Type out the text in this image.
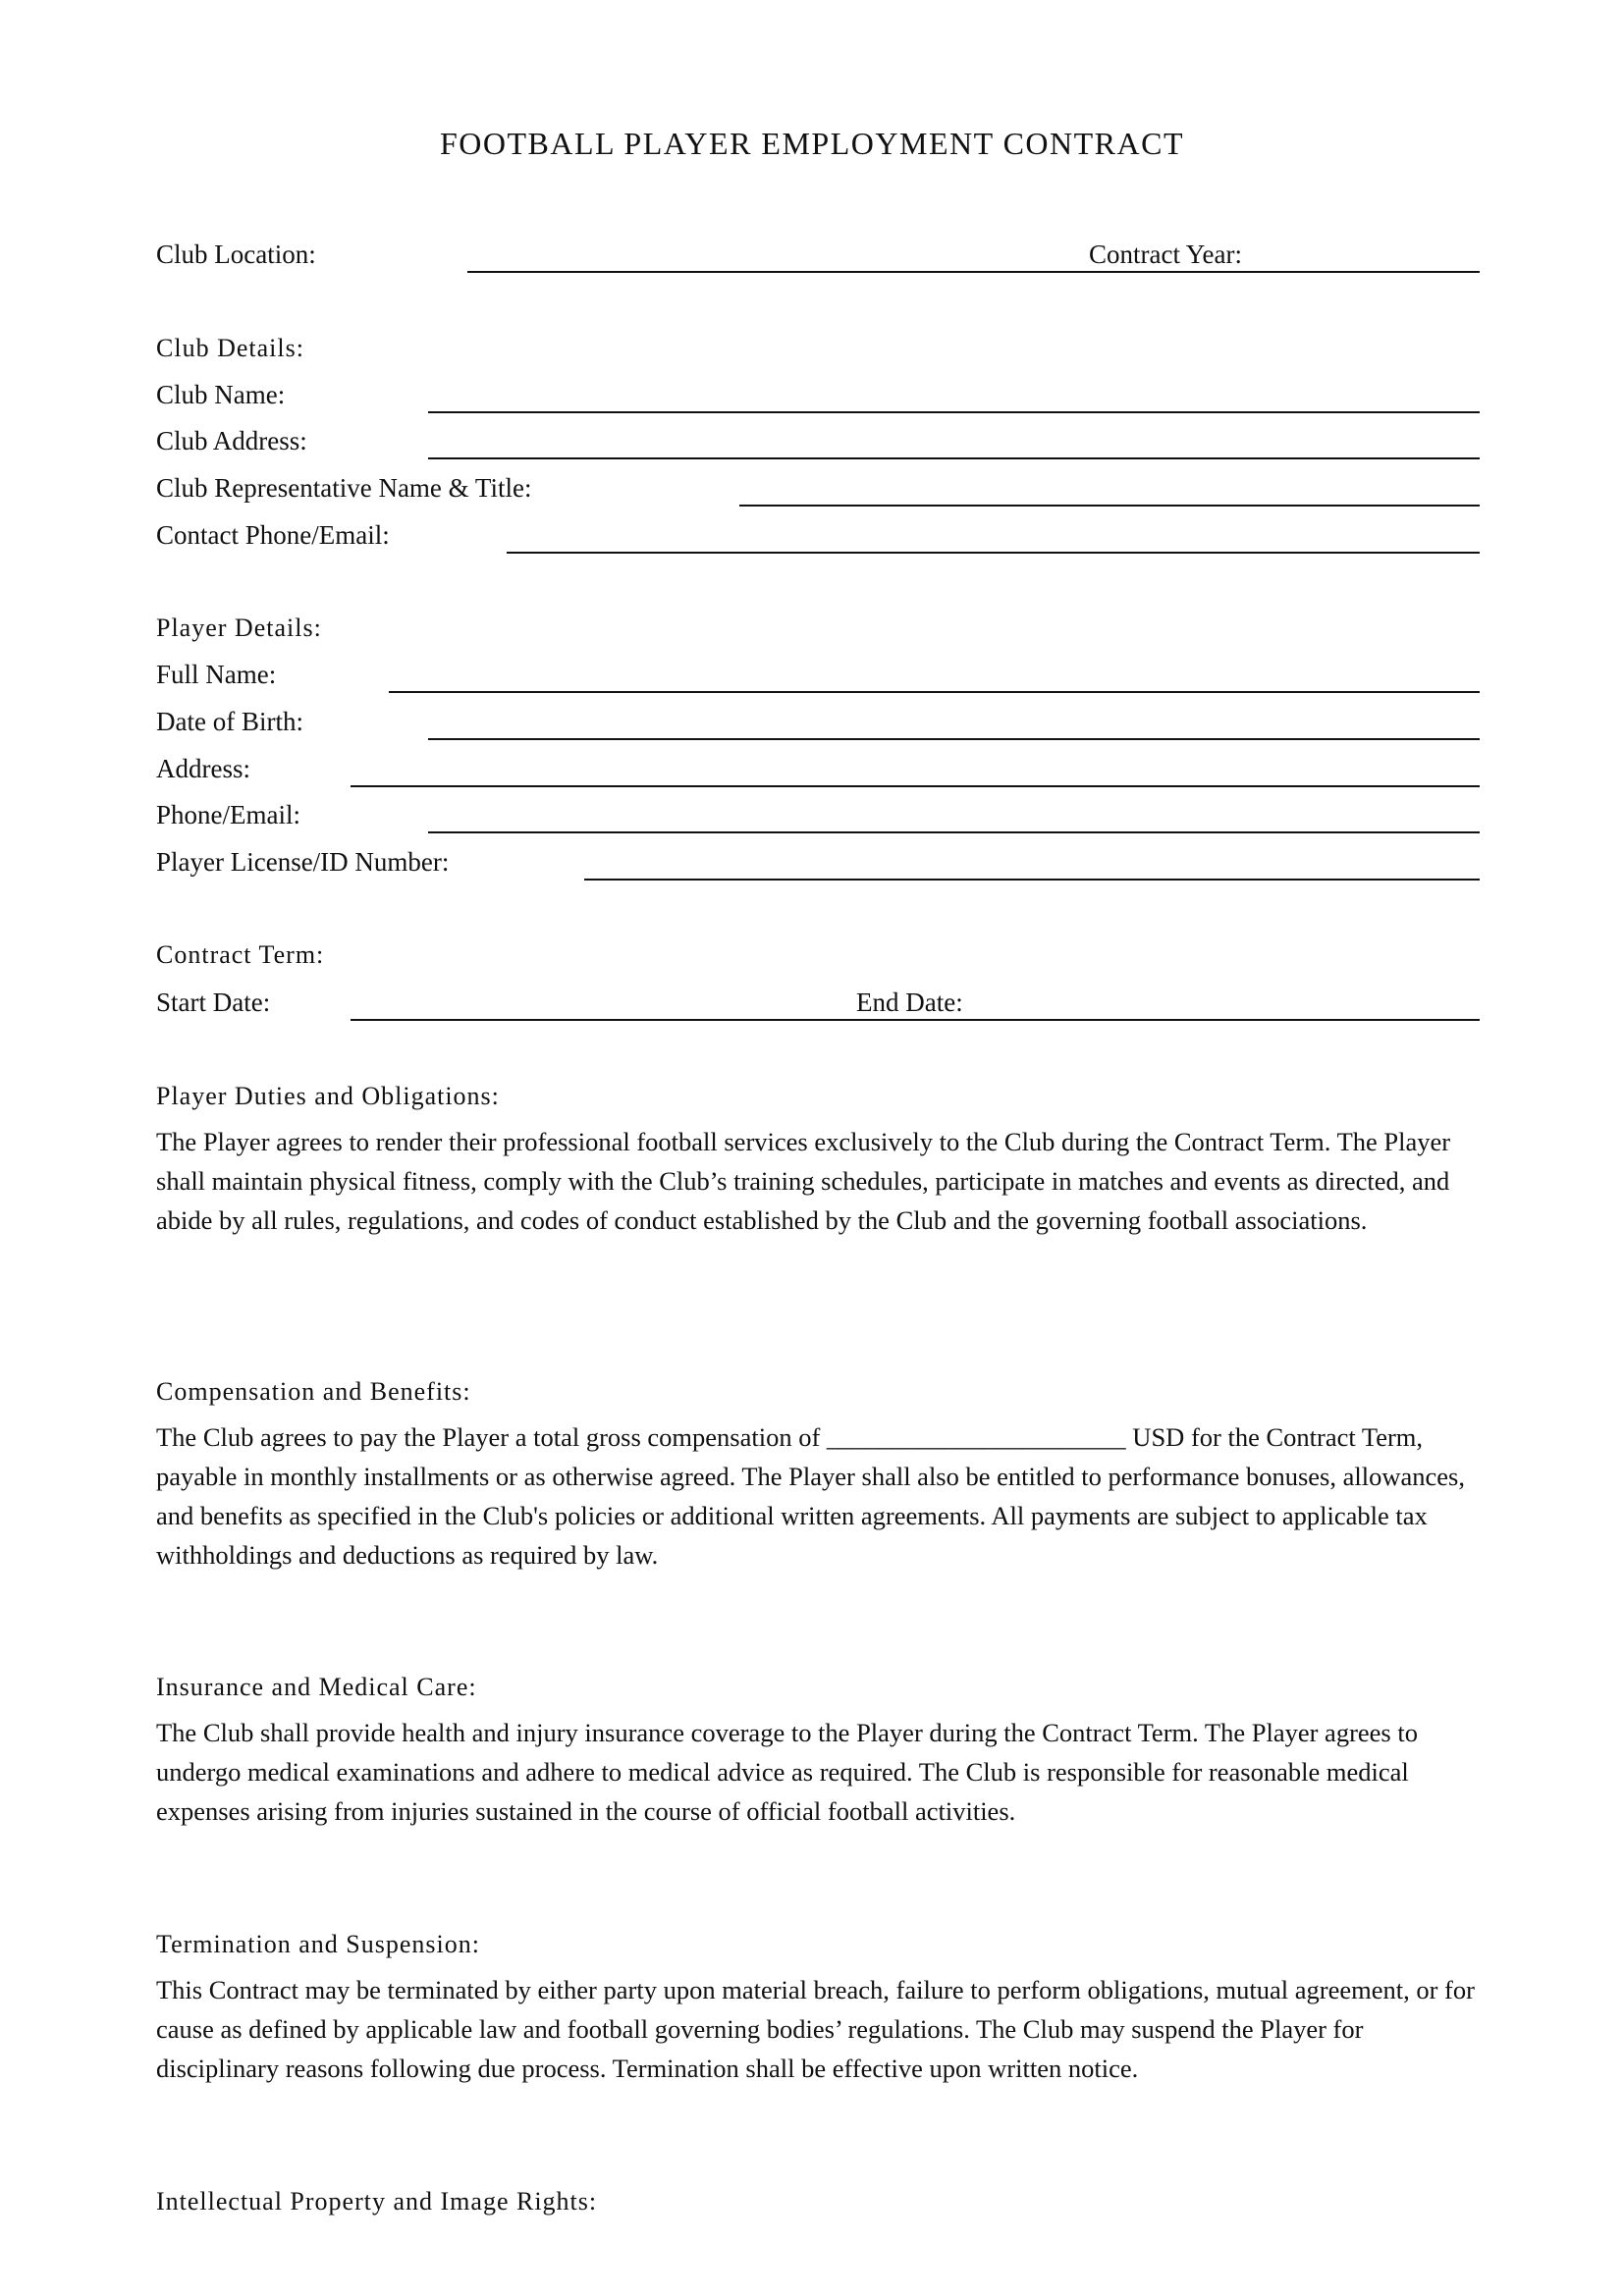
FOOTBALL PLAYER EMPLOYMENT CONTRACT
Club Location:	Contract Year:
Club Details:
Club Name:
Club Address:
Club Representative Name & Title:
Contact Phone/Email:
Player Details:
Full Name:
Date of Birth:
Address:
Phone/Email:
Player License/ID Number:
Contract Term:
Start Date:	End Date:
Player Duties and Obligations:

The Player agrees to render their professional football services exclusively to the Club during the Contract Term. The Player shall maintain physical fitness, comply with the Club’s training schedules, participate in matches and events as directed, and abide by all rules, regulations, and codes of conduct established by the Club and the governing football associations.

Compensation and Benefits:

The Club agrees to pay the Player a total gross compensation of _______________________ USD for the Contract Term, payable in monthly installments or as otherwise agreed. The Player shall also be entitled to performance bonuses, allowances, and benefits as specified in the Club's policies or additional written agreements. All payments are subject to applicable tax withholdings and deductions as required by law.

Insurance and Medical Care:

The Club shall provide health and injury insurance coverage to the Player during the Contract Term. The Player agrees to undergo medical examinations and adhere to medical advice as required. The Club is responsible for reasonable medical expenses arising from injuries sustained in the course of official football activities.

Termination and Suspension:

This Contract may be terminated by either party upon material breach, failure to perform obligations, mutual agreement, or for cause as defined by applicable law and football governing bodies’ regulations. The Club may suspend the Player for disciplinary reasons following due process. Termination shall be effective upon written notice.

Intellectual Property and Image Rights:
